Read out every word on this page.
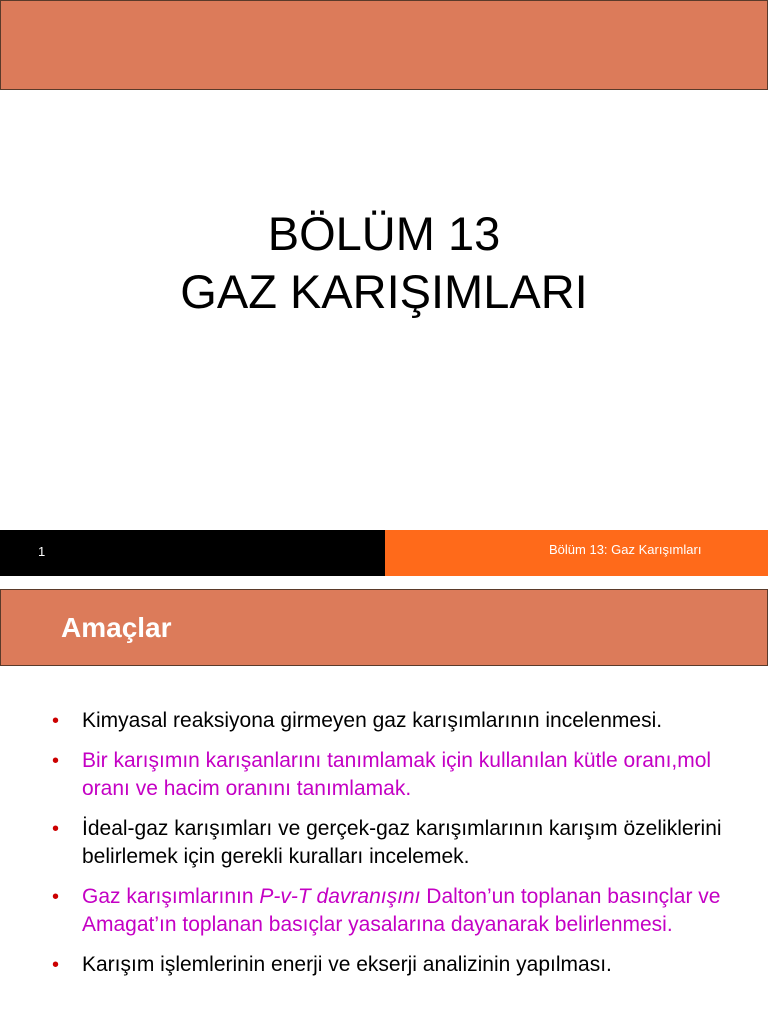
BÖLÜM 13
GAZ KARIŞIMLARI
1	Bölüm 13: Gaz Karışımları
Amaçlar
• Kimyasal reaksiyona girmeyen gaz karışımlarının incelenmesi.
• Bir karışımın karışanlarını tanımlamak için kullanılan kütle oranı,mol oranı ve hacim oranını tanımlamak.
• İdeal-gaz karışımları ve gerçek-gaz karışımlarının karışım özeliklerini belirlemek için gerekli kuralları incelemek.
• Gaz karışımlarının P-v-T davranışını Dalton’un toplanan basınçlar ve Amagat’ın toplanan basıçlar yasalarına dayanarak belirlenmesi.
• Karışım işlemlerinin enerji ve ekserji analizinin yapılması.
